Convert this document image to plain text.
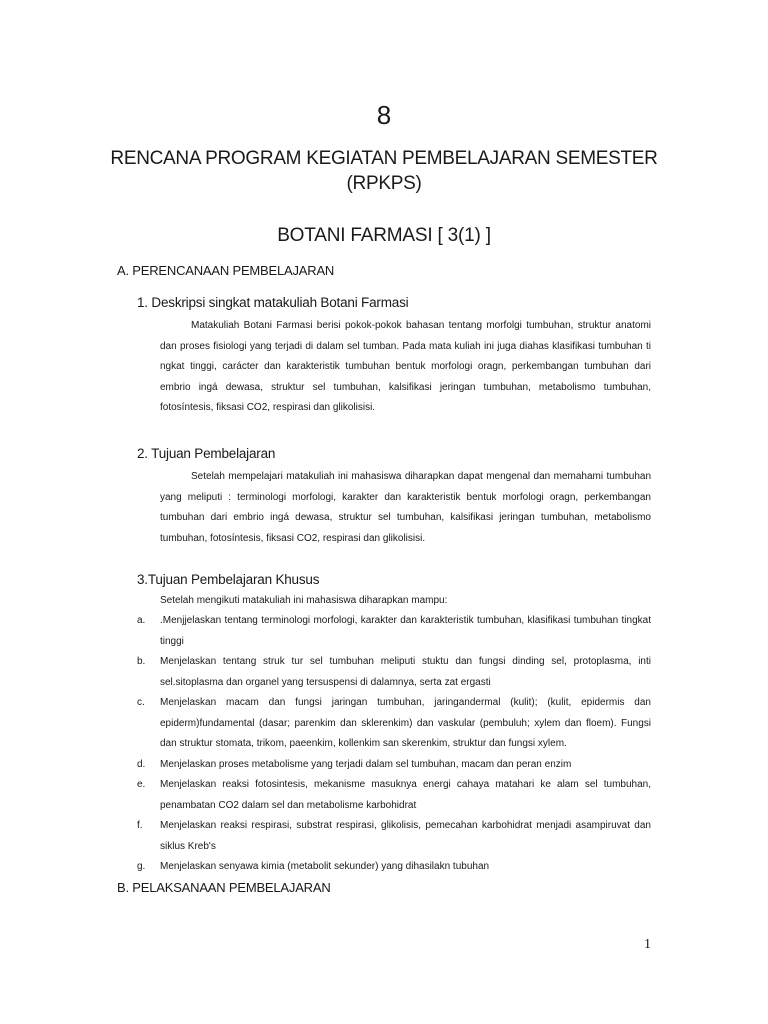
8
RENCANA PROGRAM KEGIATAN PEMBELAJARAN SEMESTER
(RPKPS)
BOTANI FARMASI [ 3(1) ]
A. PERENCANAAN PEMBELAJARAN
1. Deskripsi singkat matakuliah Botani Farmasi

Matakuliah Botani Farmasi berisi pokok-pokok bahasan tentang morfolgi tumbuhan, struktur anatomi dan proses fisiologi yang terjadi di dalam sel tumban. Pada mata kuliah ini juga diahas klasifikasi tumbuhan ti ngkat tinggi, carácter dan karakteristik tumbuhan bentuk morfologi oragn, perkembangan tumbuhan dari embrio ingá dewasa, struktur sel tumbuhan, kalsifikasi jeringan tumbuhan, metabolismo tumbuhan, fotosíntesis, fiksasi CO2, respirasi dan glikolisisi.

2. Tujuan Pembelajaran

Setelah mempelajari matakuliah ini mahasiswa diharapkan dapat mengenal dan memahami tumbuhan yang meliputi : terminologi morfologi, karakter dan karakteristik bentuk morfologi oragn, perkembangan tumbuhan dari embrio ingá dewasa, struktur sel tumbuhan, kalsifikasi jeringan tumbuhan, metabolismo tumbuhan, fotosíntesis, fiksasi CO2, respirasi dan glikolisisi.

3.Tujuan Pembelajaran Khusus
Setelah mengikuti matakuliah ini mahasiswa diharapkan mampu:
a.	.Menjjelaskan tentang terminologi morfologi, karakter dan karakteristik tumbuhan, klasifikasi tumbuhan tingkat tinggi
b.	Menjelaskan tentang struk tur sel tumbuhan meliputi stuktu dan fungsi dinding sel, protoplasma, inti sel.sitoplasma dan organel yang tersuspensi di dalamnya, serta zat ergasti
c.	Menjelaskan macam dan fungsi jaringan tumbuhan, jaringandermal (kulit); (kulit, epidermis dan epiderm)fundamental (dasar; parenkim dan sklerenkim) dan vaskular (pembuluh; xylem dan floem). Fungsi dan struktur stomata, trikom, paeenkim, kollenkim san skerenkim, struktur dan fungsi xylem.
d.	Menjelaskan proses metabolisme yang terjadi dalam sel tumbuhan, macam dan peran enzim
e.	Menjelaskan reaksi fotosintesis, mekanisme masuknya energi cahaya matahari ke alam sel tumbuhan, penambatan CO2 dalam sel dan metabolisme karbohidrat
f.	Menjelaskan reaksi respirasi, substrat respirasi, glikolisis, pemecahan karbohidrat menjadi asampiruvat dan siklus Kreb's
g.	Menjelaskan senyawa kimia (metabolit sekunder) yang dihasilakn tubuhan
B. PELAKSANAAN PEMBELAJARAN
1
